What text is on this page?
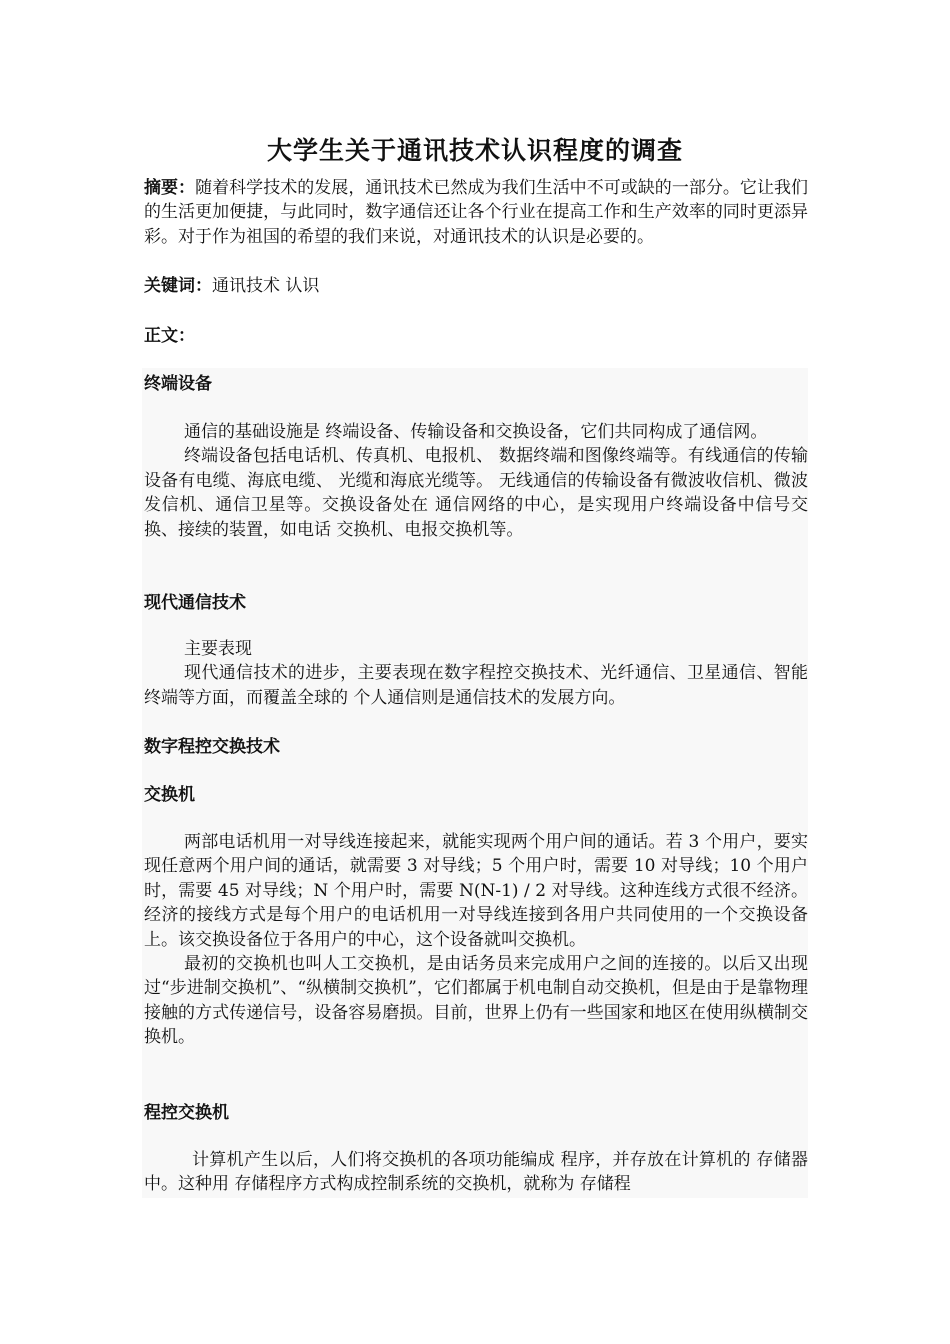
大学生关于通讯技术认识程度的调查
摘要：随着科学技术的发展，通讯技术已然成为我们生活中不可或缺的一部分。它让我们的生活更加便捷，与此同时，数字通信还让各个行业在提高工作和生产效率的同时更添异彩。对于作为祖国的希望的我们来说，对通讯技术的认识是必要的。
关键词：通讯技术 认识
正文：
终端设备

通信的基础设施是 终端设备、传输设备和交换设备，它们共同构成了通信网。

终端设备包括电话机、传真机、电报机、 数据终端和图像终端等。有线通信的传输设备有电缆、海底电缆、 光缆和海底光缆等。 无线通信的传输设备有微波收信机、微波发信机、通信卫星等。交换设备处在 通信网络的中心，是实现用户终端设备中信号交换、接续的装置，如电话 交换机、电报交换机等。

现代通信技术

主要表现

现代通信技术的进步，主要表现在数字程控交换技术、光纤通信、卫星通信、智能终端等方面，而覆盖全球的 个人通信则是通信技术的发展方向。

数字程控交换技术
交换机

两部电话机用一对导线连接起来，就能实现两个用户间的通话。若 3 个用户，要实现任意两个用户间的通话，就需要 3 对导线；5 个用户时，需要 10 对导线；10 个用户时，需要 45 对导线；N 个用户时，需要 N(N-1) / 2 对导线。这种连线方式很不经济。经济的接线方式是每个用户的电话机用一对导线连接到各用户共同使用的一个交换设备上。该交换设备位于各用户的中心，这个设备就叫交换机。

最初的交换机也叫人工交换机，是由话务员来完成用户之间的连接的。以后又出现过“步进制交换机”、“纵横制交换机”，它们都属于机电制自动交换机，但是由于是靠物理接触的方式传递信号，设备容易磨损。目前，世界上仍有一些国家和地区在使用纵横制交换机。

程控交换机

计算机产生以后，人们将交换机的各项功能编成 程序，并存放在计算机的 存储器中。这种用 存储程序方式构成控制系统的交换机，就称为 存储程
